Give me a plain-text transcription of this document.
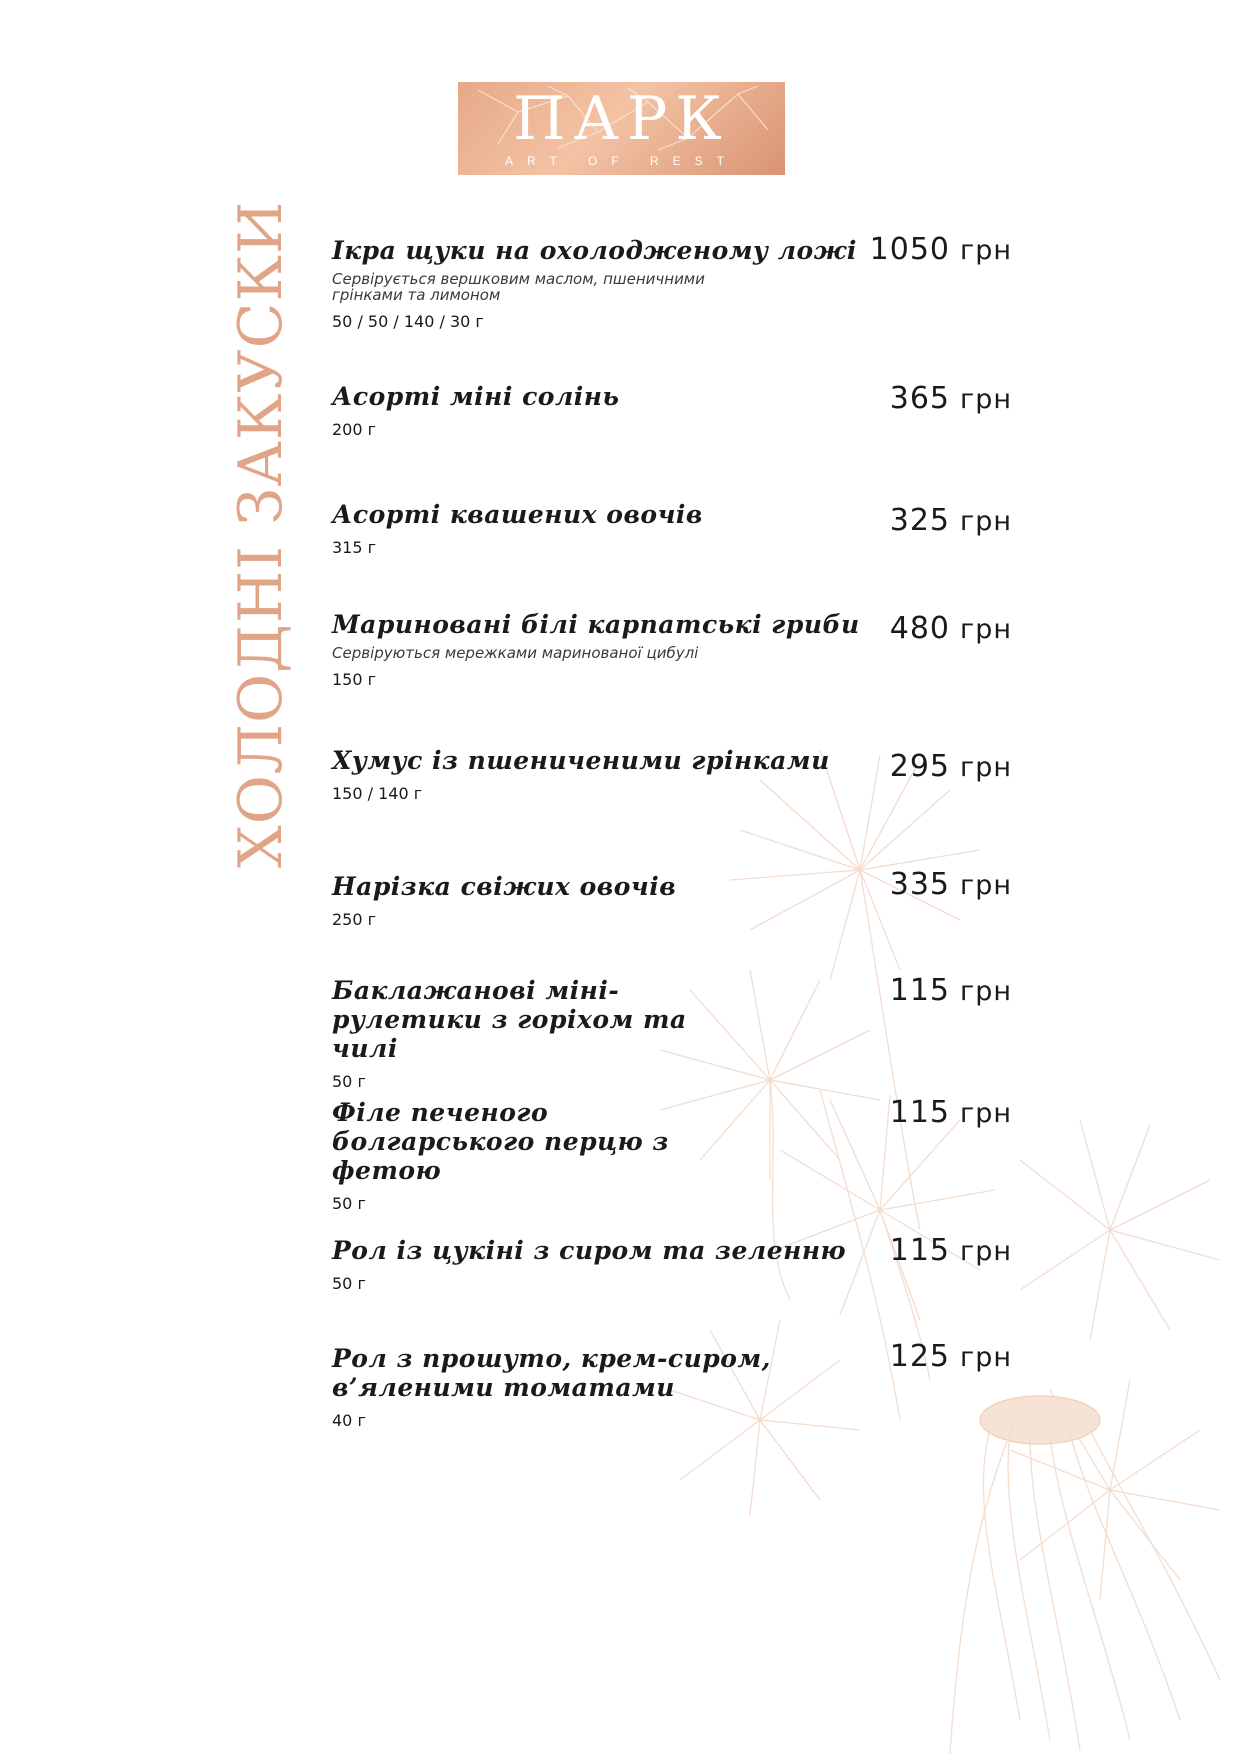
ПАРК
ART OF REST
ХОЛОДНІ ЗАКУСКИ Ікра щуки на охолодженому ложі
Сервірується вершковим маслом, пшеничними грінками та лимоном
50 / 50 / 140 / 30 г
1050 грн
Асорті міні солінь
200 г
365 грн
Асорті квашених овочів
315 г
325 грн
Мариновані білі карпатські гриби
Сервіруються мережками маринованої цибулі
150 г
480 грн
Хумус із пшениченими грінками
150 / 140 г
295 грн
Нарізка свіжих овочів
250 г
335 грн
Баклажанові міні-рулетики з горіхом та чилі
50 г
115 грн
Філе печеного болгарського перцю з фетою
50 г
115 грн
Рол із цукіні з сиром та зеленню
50 г
115 грн
Рол з прошуто, крем-сиром, в’яленими томатами
40 г
125 грн
